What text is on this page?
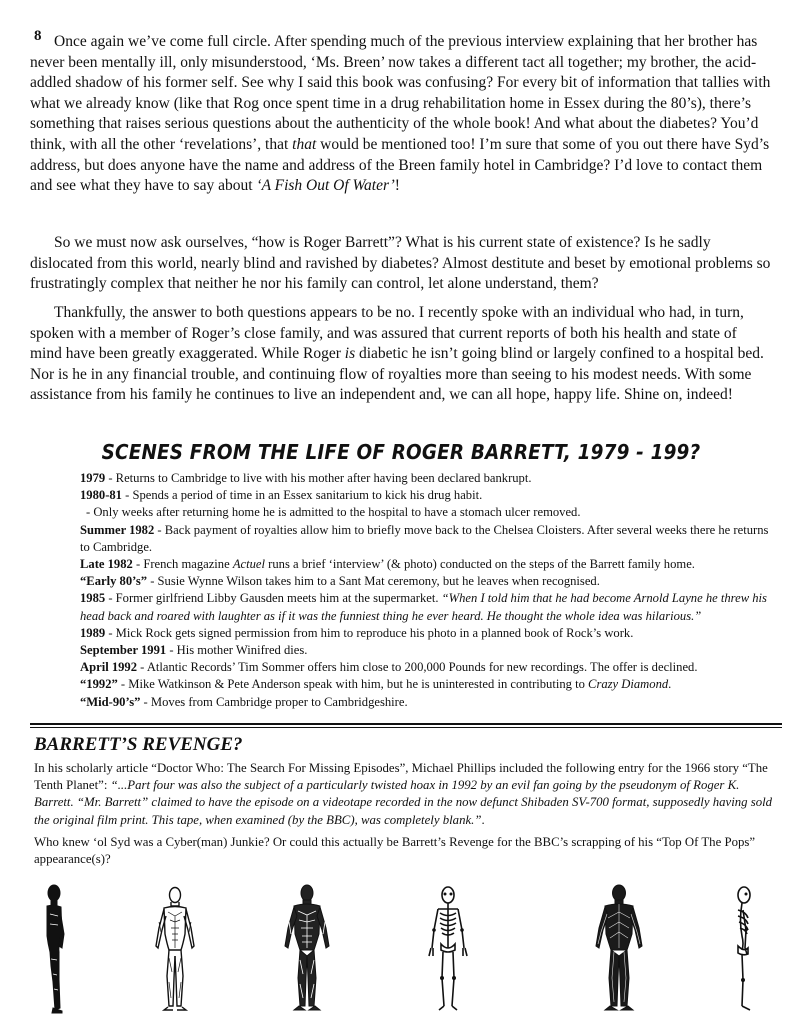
8 Once again we’ve come full circle. After spending much of the previous interview explaining that her brother has never been mentally ill, only misunderstood, ‘Ms. Breen’ now takes a different tact all together; my brother, the acid-addled shadow of his former self. See why I said this book was confusing? For every bit of information that tallies with what we already know (like that Rog once spent time in a drug rehabilitation home in Essex during the 80’s), there’s something that raises serious questions about the authenticity of the whole book! And what about the diabetes? You’d think, with all the other ‘revelations’, that that would be mentioned too! I’m sure that some of you out there have Syd’s address, but does anyone have the name and address of the Breen family hotel in Cambridge? I’d love to contact them and see what they have to say about ‘A Fish Out Of Water’!

So we must now ask ourselves, “how is Roger Barrett”? What is his current state of existence? Is he sadly dislocated from this world, nearly blind and ravished by diabetes? Almost destitute and beset by emotional problems so frustratingly complex that neither he nor his family can control, let alone understand, them?

Thankfully, the answer to both questions appears to be no. I recently spoke with an individual who had, in turn, spoken with a member of Roger’s close family, and was assured that current reports of both his health and state of mind have been greatly exaggerated. While Roger is diabetic he isn’t going blind or largely confined to a hospital bed. Nor is he in any financial trouble, and continuing flow of royalties more than seeing to his modest needs. With some assistance from his family he continues to live an independent and, we can all hope, happy life. Shine on, indeed!

SCENES FROM THE LIFE OF ROGER BARRETT, 1979 - 199?
1979 - Returns to Cambridge to live with his mother after having been declared bankrupt.
1980-81 - Spends a period of time in an Essex sanitarium to kick his drug habit.
- Only weeks after returning home he is admitted to the hospital to have a stomach ulcer removed.
Summer 1982 - Back payment of royalties allow him to briefly move back to the Chelsea Cloisters. After several weeks there he returns to Cambridge.
Late 1982 - French magazine Actuel runs a brief ‘interview’ (& photo) conducted on the steps of the Barrett family home.
“Early 80’s” - Susie Wynne Wilson takes him to a Sant Mat ceremony, but he leaves when recognised.
1985 - Former girlfriend Libby Gausden meets him at the supermarket. “When I told him that he had become Arnold Layne he threw his head back and roared with laughter as if it was the funniest thing he ever heard. He thought the whole idea was hilarious.”
1989 - Mick Rock gets signed permission from him to reproduce his photo in a planned book of Rock’s work.
September 1991 - His mother Winifred dies.
April 1992 - Atlantic Records’ Tim Sommer offers him close to 200,000 Pounds for new recordings. The offer is declined.
“1992” - Mike Watkinson & Pete Anderson speak with him, but he is uninterested in contributing to Crazy Diamond.
“Mid-90’s” - Moves from Cambridge proper to Cambridgeshire.
BARRETT’S REVENGE?

In his scholarly article “Doctor Who: The Search For Missing Episodes”, Michael Phillips included the following entry for the 1966 story “The Tenth Planet”: “...Part four was also the subject of a particularly twisted hoax in 1992 by an evil fan going by the pseudonym of Roger K. Barrett. “Mr. Barrett” claimed to have the episode on a videotape recorded in the now defunct Shibaden SV-700 format, supposedly having sold the original film print. This tape, when examined (by the BBC), was completely blank.”.

Who knew ‘ol Syd was a Cyber(man) Junkie? Or could this actually be Barrett’s Revenge for the BBC’s scrapping of his “Top Of The Pops” appearance(s)?
